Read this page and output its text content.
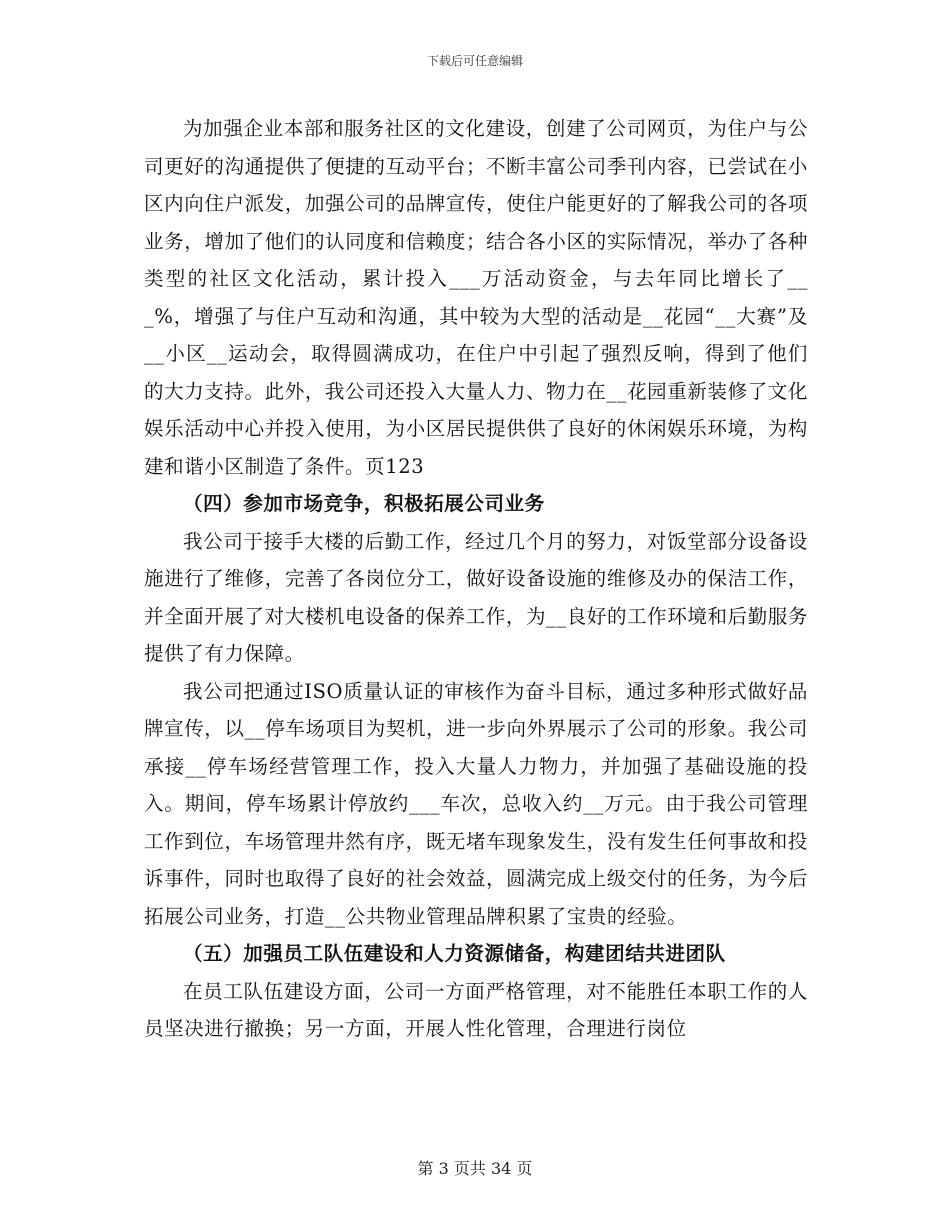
下载后可任意编辑

为加强企业本部和服务社区的文化建设，创建了公司网页，为住户与公司更好的沟通提供了便捷的互动平台；不断丰富公司季刊内容，已尝试在小区内向住户派发，加强公司的品牌宣传，使住户能更好的了解我公司的各项业务，增加了他们的认同度和信赖度；结合各小区的实际情况，举办了各种类型的社区文化活动，累计投入___万活动资金，与去年同比增长了___%，增强了与住户互动和沟通，其中较为大型的活动是__花园“__大赛”及__小区__运动会，取得圆满成功，在住户中引起了强烈反响，得到了他们的大力支持。此外，我公司还投入大量人力、物力在__花园重新装修了文化娱乐活动中心并投入使用，为小区居民提供供了良好的休闲娱乐环境，为构建和谐小区制造了条件。页123

（四）参加市场竞争，积极拓展公司业务

我公司于接手大楼的后勤工作，经过几个月的努力，对饭堂部分设备设施进行了维修，完善了各岗位分工，做好设备设施的维修及办的保洁工作，并全面开展了对大楼机电设备的保养工作，为__良好的工作环境和后勤服务提供了有力保障。

我公司把通过ISO质量认证的审核作为奋斗目标，通过多种形式做好品牌宣传，以__停车场项目为契机，进一步向外界展示了公司的形象。我公司承接__停车场经营管理工作，投入大量人力物力，并加强了基础设施的投入。期间，停车场累计停放约___车次，总收入约__万元。由于我公司管理工作到位，车场管理井然有序，既无堵车现象发生，没有发生任何事故和投诉事件，同时也取得了良好的社会效益，圆满完成上级交付的任务，为今后拓展公司业务，打造__公共物业管理品牌积累了宝贵的经验。

（五）加强员工队伍建设和人力资源储备，构建团结共进团队

在员工队伍建设方面，公司一方面严格管理，对不能胜任本职工作的人员坚决进行撤换；另一方面，开展人性化管理，合理进行岗位

第 3 页共 34 页
